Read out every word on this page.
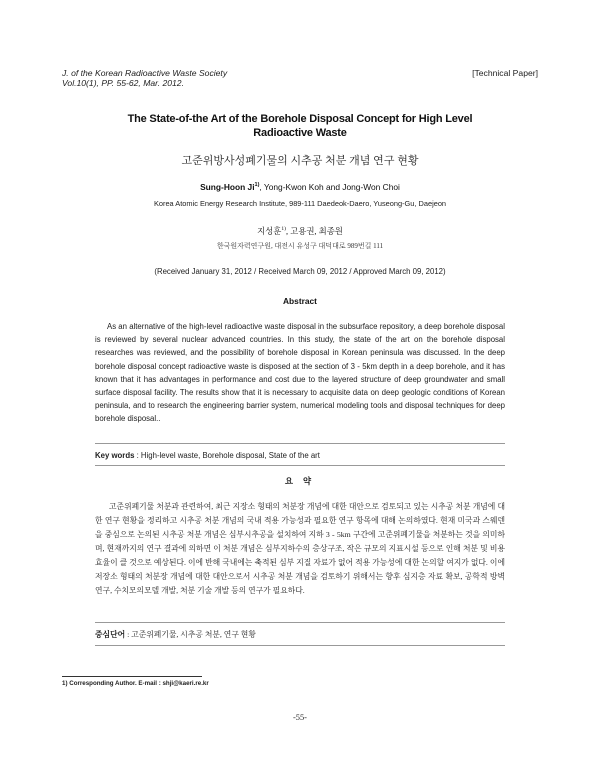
J. of the Korean Radioactive Waste Society
Vol.10(1), PP. 55-62, Mar. 2012.
[Technical Paper]
The State-of-the Art of the Borehole Disposal Concept for High Level
Radioactive Waste
고준위방사성폐기물의 시추공 처분 개념 연구 현황
Sung-Hoon Ji$^{1)}$, Yong-Kwon Koh and Jong-Won Choi
Korea Atomic Energy Research Institute, 989-111 Daedeok-Daero, Yuseong-Gu, Daejeon
지성훈$^{1)}$, 고용권, 최종원
한국원자력연구원, 대전시 유성구 대덕대로 989번길 111
(Received January 31, 2012 / Received March 09, 2012 / Approved March 09, 2012)
Abstract
As an alternative of the high-level radioactive waste disposal in the subsurface repository, a deep borehole disposal is reviewed by several nuclear advanced countries. In this study, the state of the art on the borehole disposal researches was reviewed, and the possibility of borehole disposal in Korean peninsula was discussed. In the deep borehole disposal concept radioactive waste is disposed at the section of 3 - 5km depth in a deep borehole, and it has known that it has advantages in performance and cost due to the layered structure of deep groundwater and small surface disposal facility. The results show that it is necessary to acquisite data on deep geologic conditions of Korean peninsula, and to research the engineering barrier system, numerical modeling tools and disposal techniques for deep borehole disposal..
Key words : High-level waste, Borehole disposal, State of the art
요 약
고준위폐기물 처분과 관련하여, 최근 지장소 형태의 처분장 개념에 대한 대안으로 검토되고 있는 시추공 처분 개념에 대한 연구 현황을 정리하고 시추공 처분 개념의 국내 적용 가능성과 필요한 연구 항목에 대해 논의하였다. 현재 미국과 스웨덴을 중심으로 논의된 시추공 처분 개념은 심부시추공을 설치하여 지하 3 - 5km 구간에 고준위폐기물을 처분하는 것을 의미하며, 현재까지의 연구 결과에 의하면 이 처분 개념은 심부지하수의 층상구조, 작은 규모의 지표시설 등으로 인해 처분 및 비용 효율이 클 것으로 예상된다. 이에 반해 국내에는 축적된 심부 지질 자료가 없어 적용 가능성에 대한 논의할 여지가 없다. 이에 저장소 형태의 처분장 개념에 대한 대안으로서 시추공 처분 개념을 검토하기 위해서는 향후 심지층 자료 확보, 공학적 방벽 연구, 수치모의모델 개발, 처분 기술 개발 등의 연구가 필요하다.
중심단어 : 고준위폐기물, 시추공 처분, 연구 현황
1) Corresponding Author. E-mail : shji@kaeri.re.kr
-55-
